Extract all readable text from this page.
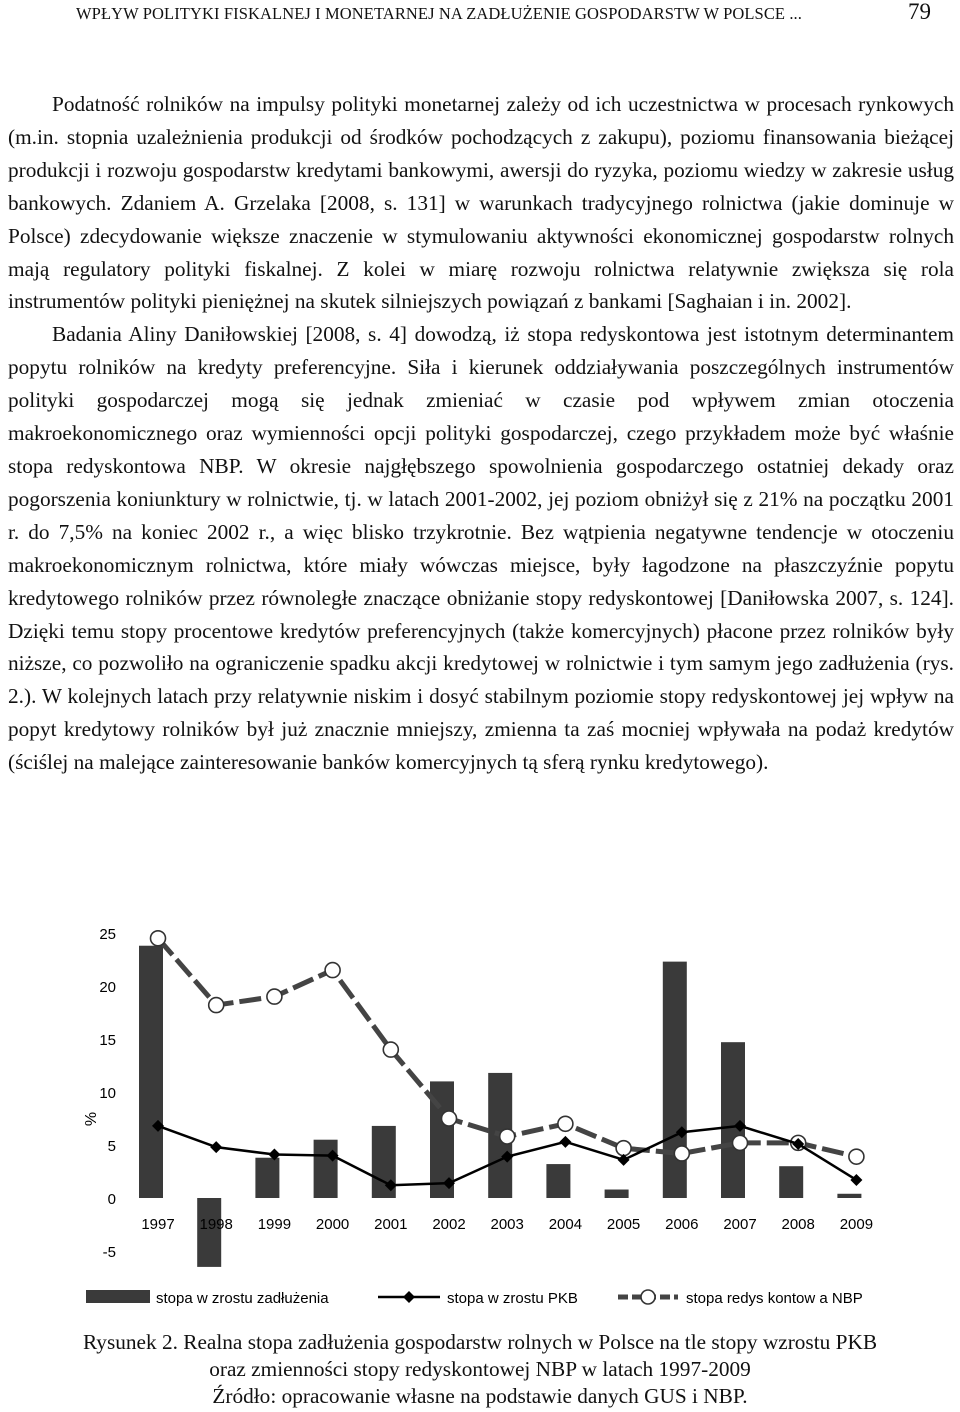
WPŁYW POLITYKI FISKALNEJ I MONETARNEJ NA ZADŁUŻENIE GOSPODARSTW W POLSCE ...	79

Podatność rolników na impulsy polityki monetarnej zależy od ich uczestnictwa w procesach rynkowych (m.in. stopnia uzależnienia produkcji od środków pochodzących z zakupu), poziomu finansowania bieżącej produkcji i rozwoju gospodarstw kredytami bankowymi, awersji do ryzyka, poziomu wiedzy w zakresie usług bankowych. Zdaniem A. Grzelaka [2008, s. 131] w warunkach tradycyjnego rolnictwa (jakie dominuje w Polsce) zdecydowanie większe znaczenie w stymulowaniu aktywności ekonomicznej gospodarstw rolnych mają regulatory polityki fiskalnej. Z kolei w miarę rozwoju rolnictwa relatywnie zwiększa się rola instrumentów polityki pieniężnej na skutek silniejszych powiązań z bankami [Saghaian i in. 2002].

Badania Aliny Daniłowskiej [2008, s. 4] dowodzą, iż stopa redyskontowa jest istotnym determinantem popytu rolników na kredyty preferencyjne. Siła i kierunek oddziaływania poszczególnych instrumentów polityki gospodarczej mogą się jednak zmieniać w czasie pod wpływem zmian otoczenia makroekonomicznego oraz wymienności opcji polityki gospodarczej, czego przykładem może być właśnie stopa redyskontowa NBP. W okresie najgłębszego spowolnienia gospodarczego ostatniej dekady oraz pogorszenia koniunktury w rolnictwie, tj. w latach 2001-2002, jej poziom obniżył się z 21% na początku 2001 r. do 7,5% na koniec 2002 r., a więc blisko trzykrotnie. Bez wątpienia negatywne tendencje w otoczeniu makroekonomicznym rolnictwa, które miały wówczas miejsce, były łagodzone na płaszczyźnie popytu kredytowego rolników przez równoległe znaczące obniżanie stopy redyskontowej [Daniłowska 2007, s. 124]. Dzięki temu stopy procentowe kredytów preferencyjnych (także komercyjnych) płacone przez rolników były niższe, co pozwoliło na ograniczenie spadku akcji kredytowej w rolnictwie i tym samym jego zadłużenia (rys. 2.). W kolejnych latach przy relatywnie niskim i dosyć stabilnym poziomie stopy redyskontowej jej wpływ na popyt kredytowy rolników był już znacznie mniejszy, zmienna ta zaś mocniej wpływała na podaż kredytów (ściślej na malejące zainteresowanie banków komercyjnych tą sferą rynku kredytowego).

25
20
15
10
5
0
-5
%
1997 1998 1999 2000 2001 2002 2003 2004 2005 2006 2007 2008 2009
stopa w zrostu zadłużenia	stopa w zrostu PKB	stopa redys kontow a NBP
Rysunek 2. Realna stopa zadłużenia gospodarstw rolnych w Polsce na tle stopy wzrostu PKB
oraz zmienności stopy redyskontowej NBP w latach 1997-2009
Źródło: opracowanie własne na podstawie danych GUS i NBP.
